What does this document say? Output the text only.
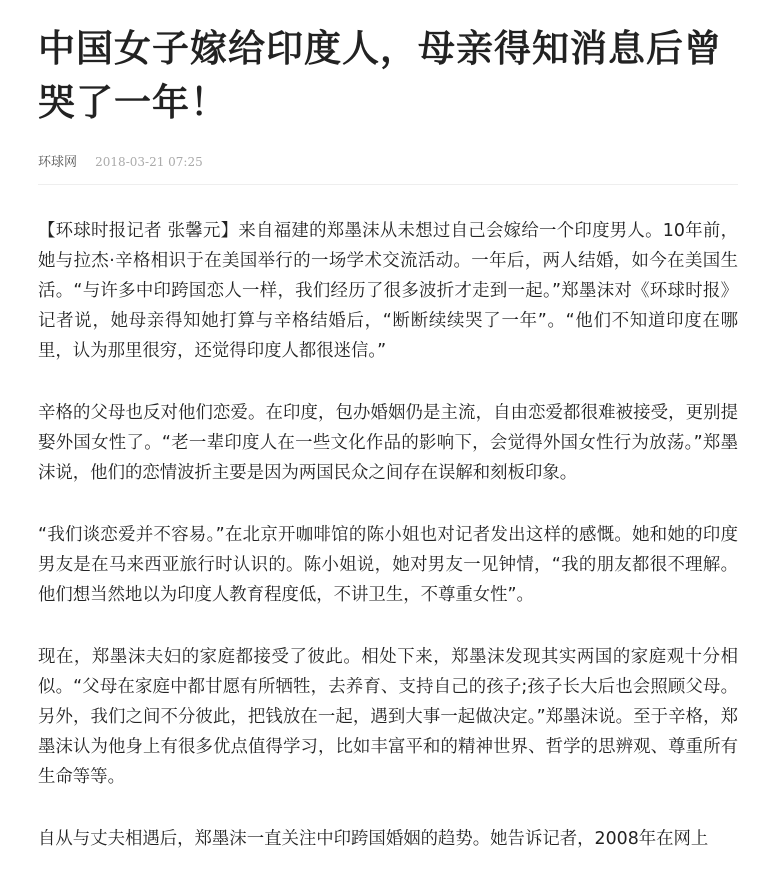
中国女子嫁给印度人，母亲得知消息后曾哭了一年！
环球网 2018-03-21 07:25

【环球时报记者 张馨元】来自福建的郑墨沫从未想过自己会嫁给一个印度男人。10年前，她与拉杰·辛格相识于在美国举行的一场学术交流活动。一年后，两人结婚，如今在美国生活。“与许多中印跨国恋人一样，我们经历了很多波折才走到一起。”郑墨沫对《环球时报》记者说，她母亲得知她打算与辛格结婚后，“断断续续哭了一年”。“他们不知道印度在哪里，认为那里很穷，还觉得印度人都很迷信。”

辛格的父母也反对他们恋爱。在印度，包办婚姻仍是主流，自由恋爱都很难被接受，更别提娶外国女性了。“老一辈印度人在一些文化作品的影响下，会觉得外国女性行为放荡。”郑墨沫说，他们的恋情波折主要是因为两国民众之间存在误解和刻板印象。

“我们谈恋爱并不容易。”在北京开咖啡馆的陈小姐也对记者发出这样的感慨。她和她的印度男友是在马来西亚旅行时认识的。陈小姐说，她对男友一见钟情，“我的朋友都很不理解。他们想当然地以为印度人教育程度低，不讲卫生，不尊重女性”。

现在，郑墨沫夫妇的家庭都接受了彼此。相处下来，郑墨沫发现其实两国的家庭观十分相似。“父母在家庭中都甘愿有所牺牲，去养育、支持自己的孩子;孩子长大后也会照顾父母。另外，我们之间不分彼此，把钱放在一起，遇到大事一起做决定。”郑墨沫说。至于辛格，郑墨沫认为他身上有很多优点值得学习，比如丰富平和的精神世界、哲学的思辨观、尊重所有生命等等。

自从与丈夫相遇后，郑墨沫一直关注中印跨国婚姻的趋势。她告诉记者，2008年在网上
